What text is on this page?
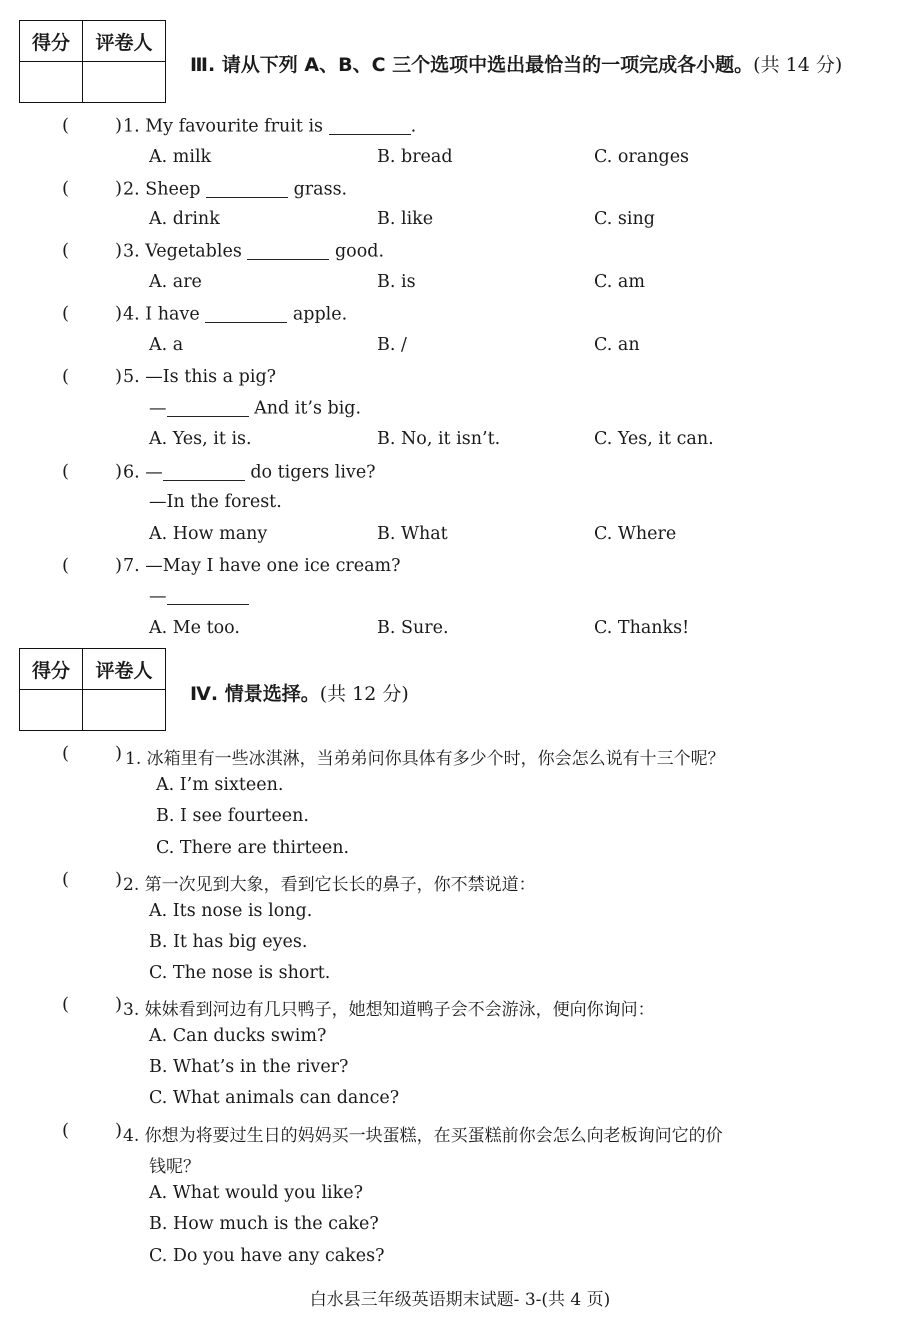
得分	评卷人

Ⅲ. 请从下列 A、B、C 三个选项中选出最恰当的一项完成各小题。(共 14 分)
(	) 1. My favourite fruit is	.
A. milk	B. bread	C. oranges
(	) 2. Sheep	grass.
A. drink	B. like	C. sing
(	) 3. Vegetables	good.
A. are	B. is	C. am
(	) 4. I have	apple.
A. a	B. /	C. an
(	) 5. —Is this a pig?
—	And it’s big.
A. Yes, it is.	B. No, it isn’t.	C. Yes, it can.
(	) 6. —	do tigers live?
—In the forest.
A. How many	B. What	C. Where
(	) 7. —May I have one ice cream?
—
A. Me too.	B. Sure.	C. Thanks!
得分	评卷人

Ⅳ. 情景选择。(共 12 分)
(	) 1. 冰箱里有一些冰淇淋，当弟弟问你具体有多少个时，你会怎么说有十三个呢？
A. I’m sixteen.
B. I see fourteen.
C. There are thirteen.
(	) 2. 第一次见到大象，看到它长长的鼻子，你不禁说道：
A. Its nose is long.
B. It has big eyes.
C. The nose is short.
(	) 3. 妹妹看到河边有几只鸭子，她想知道鸭子会不会游泳，便向你询问：
A. Can ducks swim?
B. What’s in the river?
C. What animals can dance?
(	) 4. 你想为将要过生日的妈妈买一块蛋糕，在买蛋糕前你会怎么向老板询问它的价
钱呢？
A. What would you like?
B. How much is the cake?
C. Do you have any cakes?
白水县三年级英语期末试题- 3-(共 4 页)
